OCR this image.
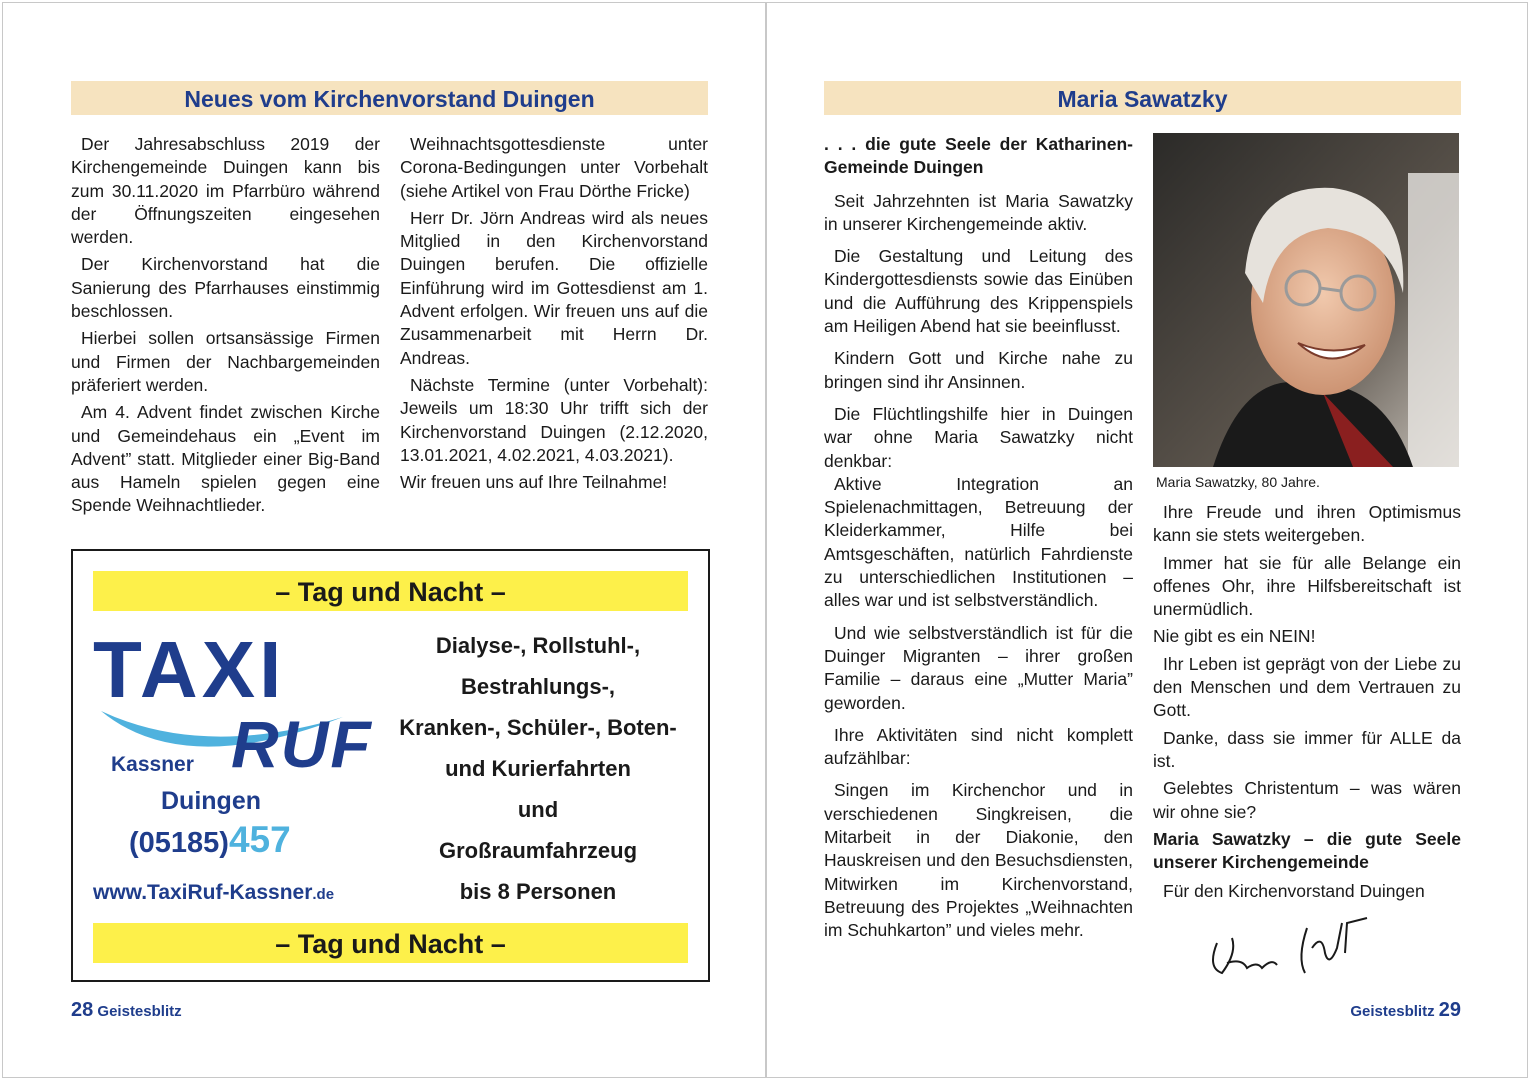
Neues vom Kirchenvorstand Duingen

Der Jahresabschluss 2019 der Kirchengemeinde Duingen kann bis zum 30.11.2020 im Pfarrbüro während der Öffnungszeiten eingesehen werden.

Der Kirchenvorstand hat die Sanierung des Pfarrhauses einstimmig beschlossen.

Hierbei sollen ortsansässige Firmen und Firmen der Nachbargemeinden präferiert werden.

Am 4. Advent findet zwischen Kirche und Gemeindehaus ein „Event im Advent” statt. Mitglieder einer Big-Band aus Hameln spielen gegen eine Spende Weihnachtlieder.

Weihnachtsgottesdienste unter Corona-Bedingungen unter Vorbehalt (siehe Artikel von Frau Dörthe Fricke)

Herr Dr. Jörn Andreas wird als neues Mitglied in den Kirchenvorstand Duingen berufen. Die offizielle Einführung wird im Gottesdienst am 1. Advent erfolgen. Wir freuen uns auf die Zusammenarbeit mit Herrn Dr. Andreas.

Nächste Termine (unter Vorbehalt): Jeweils um 18:30 Uhr trifft sich der Kirchenvorstand Duingen (2.12.2020, 13.01.2021, 4.02.2021, 4.03.2021).

Wir freuen uns auf Ihre Teilnahme!

– Tag und Nacht –
TAXI
RUF
Kassner
Duingen
(05185)457
www.TaxiRuf-Kassner.de
Dialyse-, Rollstuhl-,
Bestrahlungs-,
Kranken-, Schüler-, Boten-
und Kurierfahrten
und
Großraumfahrzeug
bis 8 Personen
– Tag und Nacht –
28 Geistesblitz
Maria Sawatzky

. . . die gute Seele der Katharinen-Gemeinde Duingen

Seit Jahrzehnten ist Maria Sawatzky in unserer Kirchengemeinde aktiv.

Die Gestaltung und Leitung des Kindergottesdiensts sowie das Einüben und die Aufführung des Krippenspiels am Heiligen Abend hat sie beeinflusst.

Kindern Gott und Kirche nahe zu bringen sind ihr Ansinnen.

Die Flüchtlingshilfe hier in Duingen war ohne Maria Sawatzky nicht denkbar:

Aktive Integration an Spielenachmittagen, Betreuung der Kleiderkammer, Hilfe bei Amtsgeschäften, natürlich Fahrdienste zu unterschiedlichen Institutionen – alles war und ist selbstverständlich.

Und wie selbstverständlich ist für die Duinger Migranten – ihrer großen Familie – daraus eine „Mutter Maria” geworden.

Ihre Aktivitäten sind nicht komplett aufzählbar:

Singen im Kirchenchor und in verschiedenen Singkreisen, die Mitarbeit in der Diakonie, den Hauskreisen und den Besuchsdiensten, Mitwirken im Kirchenvorstand, Betreuung des Projektes „Weihnachten im Schuhkarton” und vieles mehr.

Maria Sawatzky, 80 Jahre.

Ihre Freude und ihren Optimismus kann sie stets weitergeben.

Immer hat sie für alle Belange ein offenes Ohr, ihre Hilfsbereitschaft ist unermüdlich.

Nie gibt es ein NEIN!

Ihr Leben ist geprägt von der Liebe zu den Menschen und dem Vertrauen zu Gott.

Danke, dass sie immer für ALLE da ist.

Gelebtes Christentum – was wären wir ohne sie?

Maria Sawatzky – die gute Seele unserer Kirchengemeinde

Für den Kirchenvorstand Duingen

Geistesblitz 29
